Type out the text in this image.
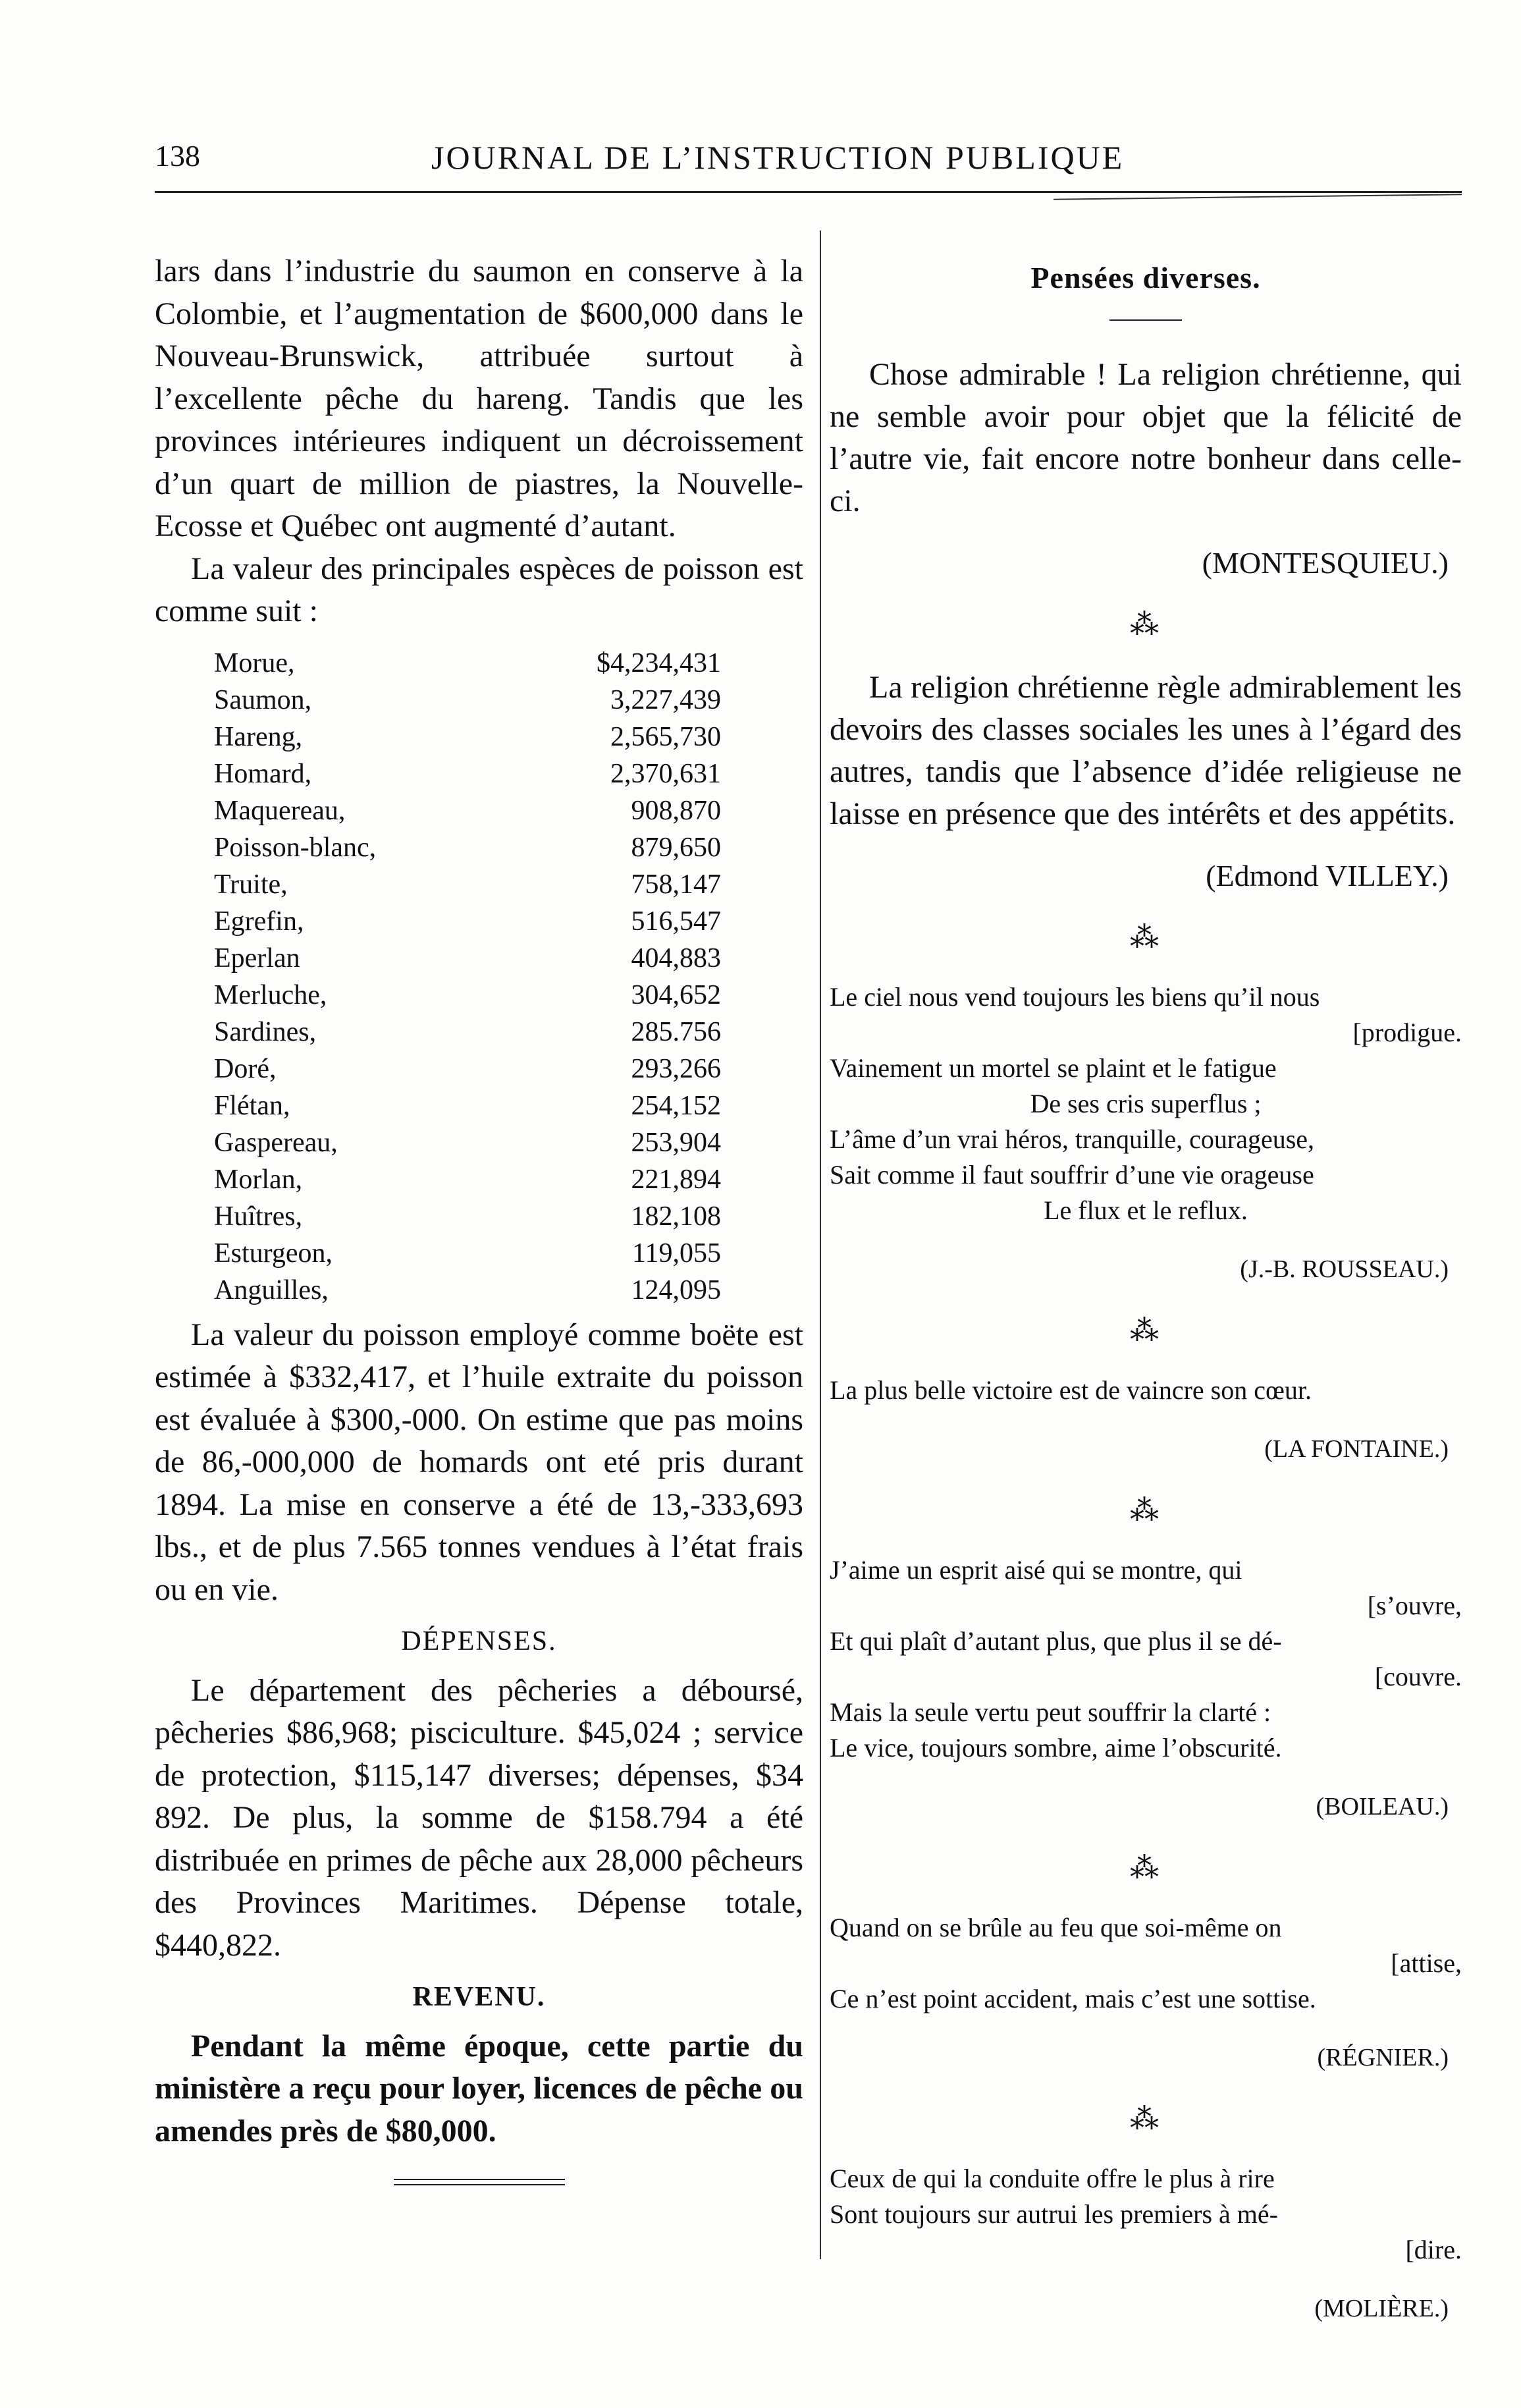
138	JOURNAL DE L’INSTRUCTION PUBLIQUE

lars dans l’industrie du saumon en conserve à la Colombie, et l’augmentation de $600,000 dans le Nouveau-Brunswick, attribuée surtout à l’excellente pêche du hareng. Tandis que les provinces intérieures indiquent un décroissement d’un quart de million de piastres, la Nouvelle-Ecosse et Québec ont augmenté d’autant.

La valeur des principales espèces de poisson est comme suit :

Morue,	$4,234,431
Saumon,	3,227,439
Hareng,	2,565,730
Homard,	2,370,631
Maquereau,	908,870
Poisson-blanc,	879,650
Truite,	758,147
Egrefin,	516,547
Eperlan	404,883
Merluche,	304,652
Sardines,	285.756
Doré,	293,266
Flétan,	254,152
Gaspereau,	253,904
Morlan,	221,894
Huîtres,	182,108
Esturgeon,	119,055
Anguilles,	124,095

La valeur du poisson employé comme boëte est estimée à $332,417, et l’huile extraite du poisson est évaluée à $300,-000. On estime que pas moins de 86,-000,000 de homards ont eté pris durant 1894. La mise en conserve a été de 13,-333,693 lbs., et de plus 7.565 tonnes vendues à l’état frais ou en vie.

DÉPENSES.

Le département des pêcheries a déboursé, pêcheries $86,968; pisciculture. $45,024 ; service de protection, $115,147 diverses; dépenses, $34 892. De plus, la somme de $158.794 a été distribuée en primes de pêche aux 28,000 pêcheurs des Provinces Maritimes. Dépense totale, $440,822.

REVENU.

Pendant la même époque, cette partie du ministère a reçu pour loyer, licences de pêche ou amendes près de $80,000.

Pensées diverses.

Chose admirable ! La religion chrétienne, qui ne semble avoir pour objet que la félicité de l’autre vie, fait encore notre bonheur dans celle-ci.

(MONTESQUIEU.)
⁂

La religion chrétienne règle admirablement les devoirs des classes sociales les unes à l’égard des autres, tandis que l’absence d’idée religieuse ne laisse en présence que des intérêts et des appétits.

(Edmond VILLEY.)
⁂
Le ciel nous vend toujours les biens qu’il nous
[prodigue.
Vainement un mortel se plaint et le fatigue
De ses cris superflus ;
L’âme d’un vrai héros, tranquille, courageuse,
Sait comme il faut souffrir d’une vie orageuse
Le flux et le reflux.
(J.-B. ROUSSEAU.)
⁂
La plus belle victoire est de vaincre son cœur.
(LA FONTAINE.)
⁂
J’aime un esprit aisé qui se montre, qui
[s’ouvre,
Et qui plaît d’autant plus, que plus il se dé-
[couvre.
Mais la seule vertu peut souffrir la clarté :
Le vice, toujours sombre, aime l’obscurité.
(BOILEAU.)
⁂
Quand on se brûle au feu que soi-même on
[attise,
Ce n’est point accident, mais c’est une sottise.
(RÉGNIER.)
⁂
Ceux de qui la conduite offre le plus à rire
Sont toujours sur autrui les premiers à mé-
[dire.
(MOLIÈRE.)
